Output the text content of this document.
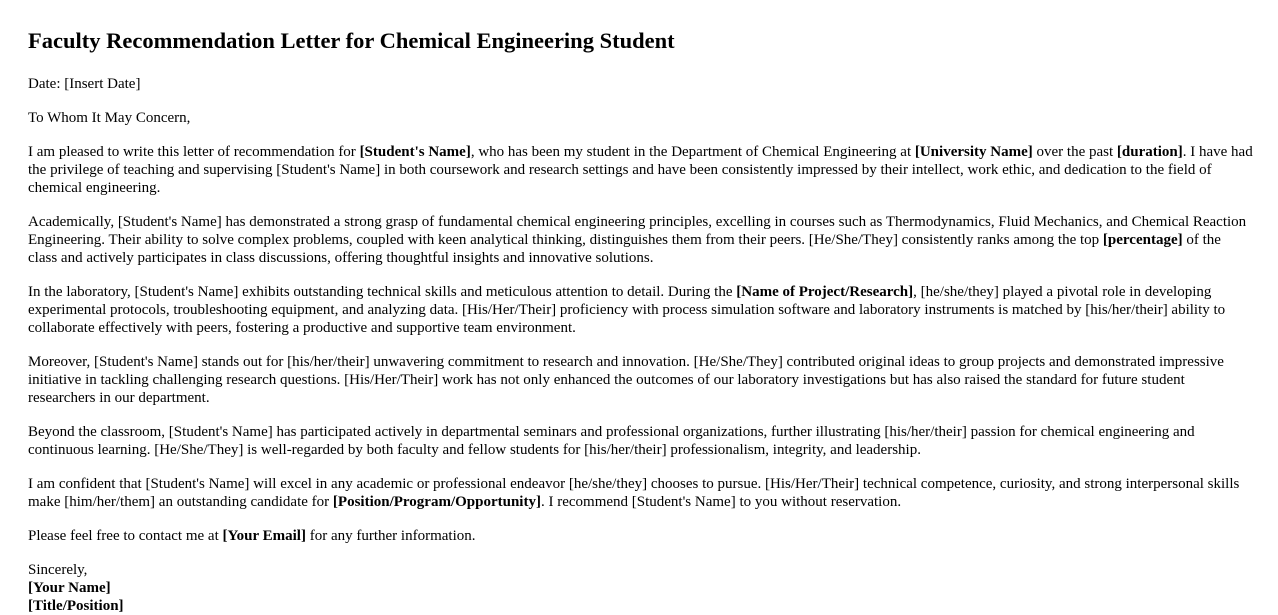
Faculty Recommendation Letter for Chemical Engineering Student

Date: [Insert Date]

To Whom It May Concern,

I am pleased to write this letter of recommendation for [Student's Name], who has been my student in the Department of Chemical Engineering at [University Name] over the past [duration]. I have had the privilege of teaching and supervising [Student's Name] in both coursework and research settings and have been consistently impressed by their intellect, work ethic, and dedication to the field of chemical engineering.

Academically, [Student's Name] has demonstrated a strong grasp of fundamental chemical engineering principles, excelling in courses such as Thermodynamics, Fluid Mechanics, and Chemical Reaction Engineering. Their ability to solve complex problems, coupled with keen analytical thinking, distinguishes them from their peers. [He/She/They] consistently ranks among the top [percentage] of the class and actively participates in class discussions, offering thoughtful insights and innovative solutions.

In the laboratory, [Student's Name] exhibits outstanding technical skills and meticulous attention to detail. During the [Name of Project/Research], [he/she/they] played a pivotal role in developing experimental protocols, troubleshooting equipment, and analyzing data. [His/Her/Their] proficiency with process simulation software and laboratory instruments is matched by [his/her/their] ability to collaborate effectively with peers, fostering a productive and supportive team environment.

Moreover, [Student's Name] stands out for [his/her/their] unwavering commitment to research and innovation. [He/She/They] contributed original ideas to group projects and demonstrated impressive initiative in tackling challenging research questions. [His/Her/Their] work has not only enhanced the outcomes of our laboratory investigations but has also raised the standard for future student researchers in our department.

Beyond the classroom, [Student's Name] has participated actively in departmental seminars and professional organizations, further illustrating [his/her/their] passion for chemical engineering and continuous learning. [He/She/They] is well-regarded by both faculty and fellow students for [his/her/their] professionalism, integrity, and leadership.

I am confident that [Student's Name] will excel in any academic or professional endeavor [he/she/they] chooses to pursue. [His/Her/Their] technical competence, curiosity, and strong interpersonal skills make [him/her/them] an outstanding candidate for [Position/Program/Opportunity]. I recommend [Student's Name] to you without reservation.

Please feel free to contact me at [Your Email] for any further information.

Sincerely,

[Your Name]

[Title/Position]
